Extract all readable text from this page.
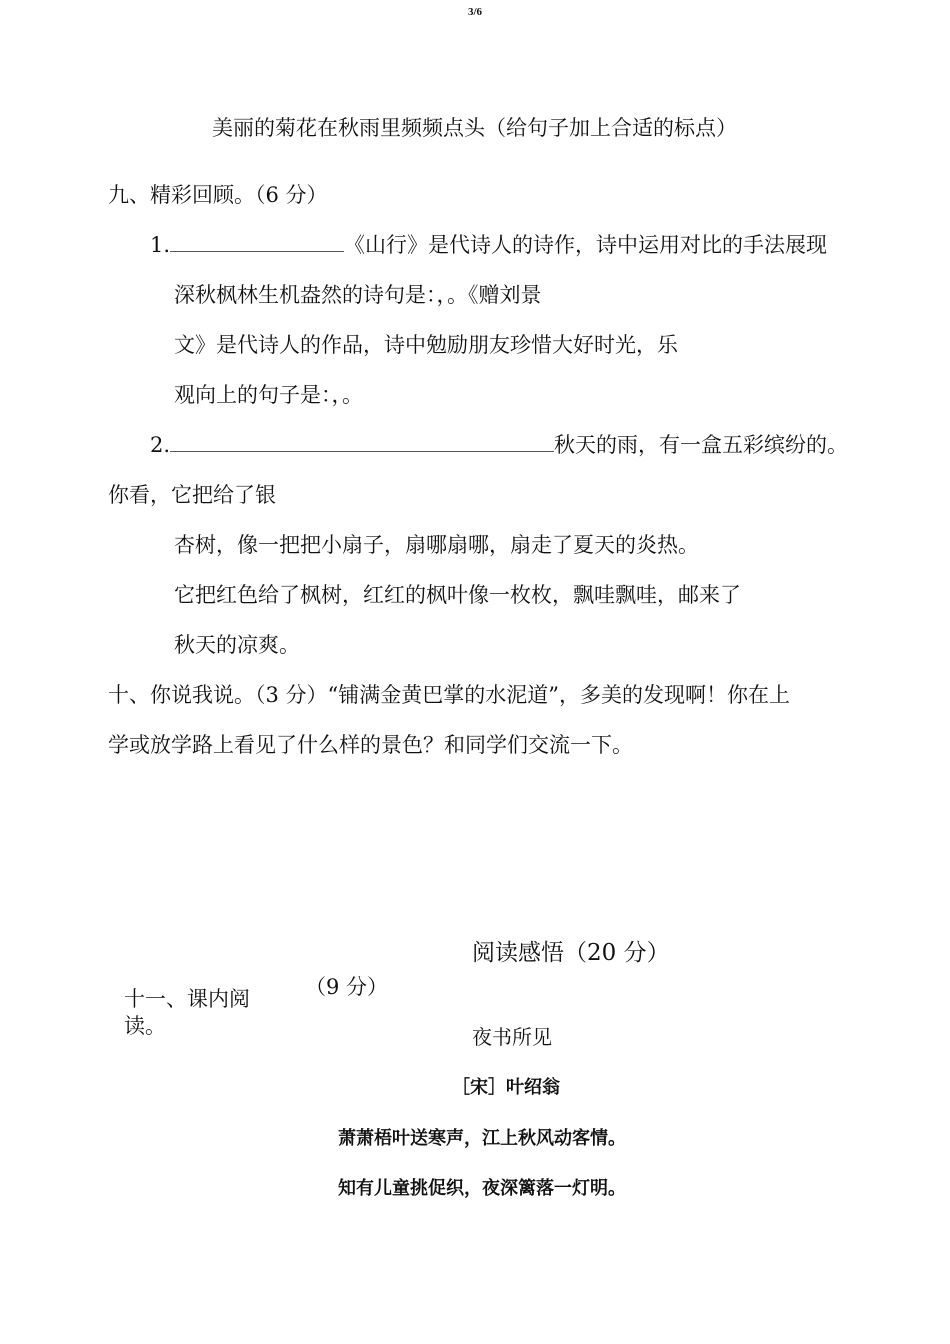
3/6
美丽的菊花在秋雨里频频点头（给句子加上合适的标点）
九、精彩回顾。（6 分）
1.	《山行》是代诗人的诗作，诗中运用对比的手法展现
深秋枫林生机盎然的诗句是：，。《赠刘景
文》是代诗人的作品，诗中勉励朋友珍惜大好时光，乐
观向上的句子是：，。
2.	秋天的雨，有一盒五彩缤纷的。
你看，它把给了银
杏树，像一把把小扇子，扇哪扇哪，扇走了夏天的炎热。
它把红色给了枫树，红红的枫叶像一枚枚，飘哇飘哇，邮来了
秋天的凉爽。
十、你说我说。（3 分）“铺满金黄巴掌的水泥道”，多美的发现啊！你在上
学或放学路上看见了什么样的景色？和同学们交流一下。
阅读感悟（20 分）
（9 分）
十一、课内阅
读。	夜书所见
［宋］叶绍翁
萧萧梧叶送寒声，江上秋风动客情。
知有儿童挑促织，夜深篱落一灯明。
